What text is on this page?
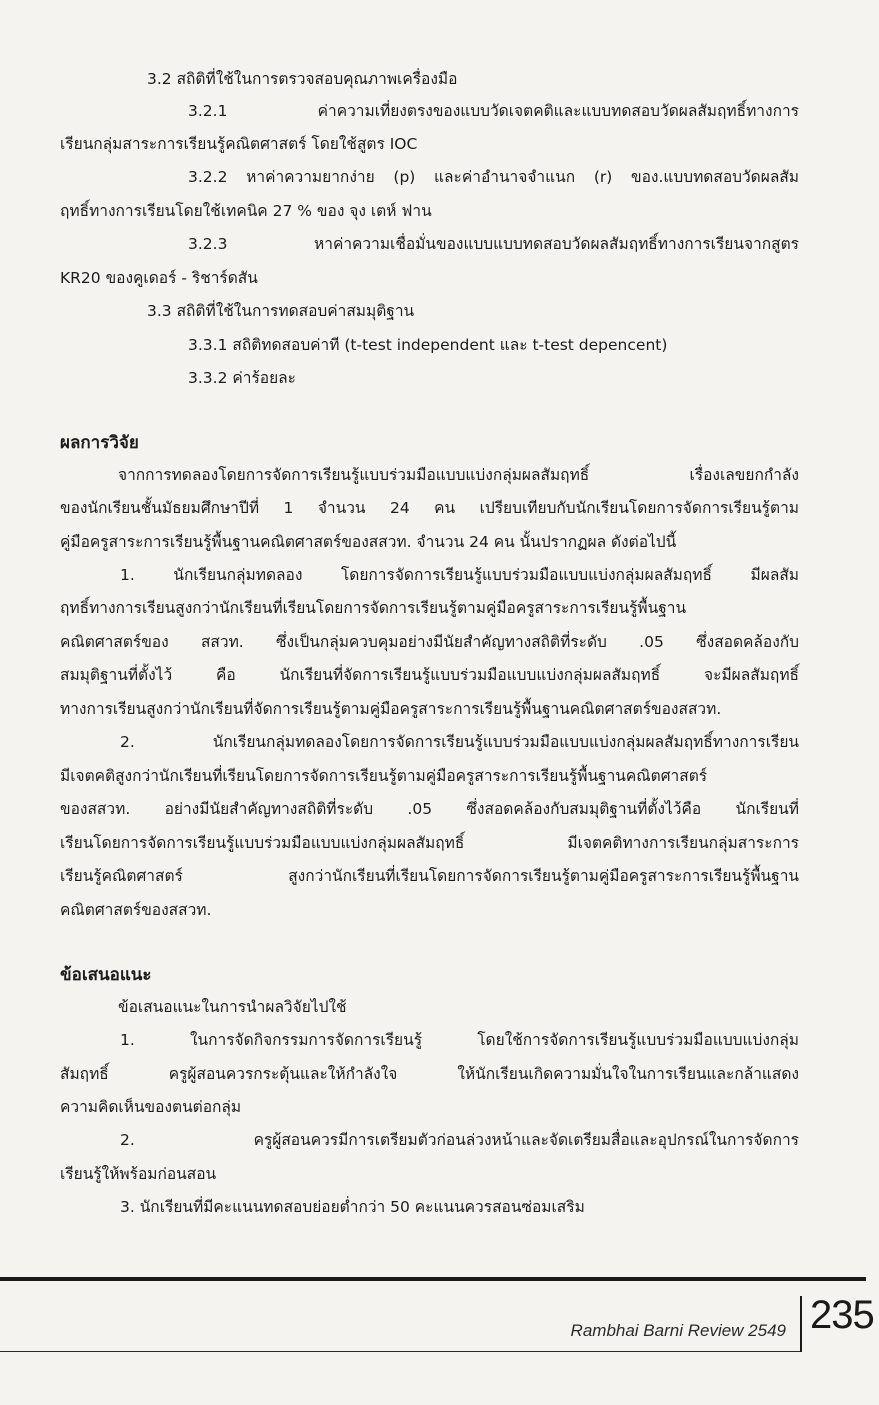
3.2 สถิติที่ใช้ในการตรวจสอบคุณภาพเครื่องมือ
3.2.1 ค่าความเที่ยงตรงของแบบวัดเจตคติและแบบทดสอบวัดผลสัมฤทธิ์ทางการ
เรียนกลุ่มสาระการเรียนรู้คณิตศาสตร์ โดยใช้สูตร IOC
3.2.2 หาค่าความยากง่าย (p) และค่าอำนาจจำแนก (r) ของ.แบบทดสอบวัดผลสัม
ฤทธิ์ทางการเรียนโดยใช้เทคนิค 27 % ของ จุง เตห์ ฟาน
3.2.3 หาค่าความเชื่อมั่นของแบบแบบทดสอบวัดผลสัมฤทธิ์ทางการเรียนจากสูตร
KR20 ของคูเดอร์ - ริชาร์ดสัน
3.3 สถิติที่ใช้ในการทดสอบค่าสมมุติฐาน
3.3.1 สถิติทดสอบค่าที (t-test independent และ t-test depencent)
3.3.2 ค่าร้อยละ
ผลการวิจัย
จากการทดลองโดยการจัดการเรียนรู้แบบร่วมมือแบบแบ่งกลุ่มผลสัมฤทธิ์ เรื่องเลขยกกำลัง
ของนักเรียนชั้นมัธยมศึกษาปีที่ 1 จำนวน 24 คน เปรียบเทียบกับนักเรียนโดยการจัดการเรียนรู้ตาม
คู่มือครูสาระการเรียนรู้พื้นฐานคณิตศาสตร์ของสสวท. จำนวน 24 คน นั้นปรากฏผล ดังต่อไปนี้
1. นักเรียนกลุ่มทดลอง โดยการจัดการเรียนรู้แบบร่วมมือแบบแบ่งกลุ่มผลสัมฤทธิ์ มีผลสัม
ฤทธิ์ทางการเรียนสูงกว่านักเรียนที่เรียนโดยการจัดการเรียนรู้ตามคู่มือครูสาระการเรียนรู้พื้นฐาน
คณิตศาสตร์ของ สสวท. ซึ่งเป็นกลุ่มควบคุมอย่างมีนัยสำคัญทางสถิติที่ระดับ .05 ซึ่งสอดคล้องกับ
สมมุติฐานที่ตั้งไว้ คือ นักเรียนที่จัดการเรียนรู้แบบร่วมมือแบบแบ่งกลุ่มผลสัมฤทธิ์ จะมีผลสัมฤทธิ์
ทางการเรียนสูงกว่านักเรียนที่จัดการเรียนรู้ตามคู่มือครูสาระการเรียนรู้พื้นฐานคณิตศาสตร์ของสสวท.
2. นักเรียนกลุ่มทดลองโดยการจัดการเรียนรู้แบบร่วมมือแบบแบ่งกลุ่มผลสัมฤทธิ์ทางการเรียน
มีเจตคติสูงกว่านักเรียนที่เรียนโดยการจัดการเรียนรู้ตามคู่มือครูสาระการเรียนรู้พื้นฐานคณิตศาสตร์
ของสสวท. อย่างมีนัยสำคัญทางสถิติที่ระดับ .05 ซึ่งสอดคล้องกับสมมุติฐานที่ตั้งไว้คือ นักเรียนที่
เรียนโดยการจัดการเรียนรู้แบบร่วมมือแบบแบ่งกลุ่มผลสัมฤทธิ์ มีเจตคติทางการเรียนกลุ่มสาระการ
เรียนรู้คณิตศาสตร์ สูงกว่านักเรียนที่เรียนโดยการจัดการเรียนรู้ตามคู่มือครูสาระการเรียนรู้พื้นฐาน
คณิตศาสตร์ของสสวท.
ข้อเสนอแนะ
ข้อเสนอแนะในการนำผลวิจัยไปใช้
1. ในการจัดกิจกรรมการจัดการเรียนรู้ โดยใช้การจัดการเรียนรู้แบบร่วมมือแบบแบ่งกลุ่ม
สัมฤทธิ์ ครูผู้สอนควรกระตุ้นและให้กำลังใจ ให้นักเรียนเกิดความมั่นใจในการเรียนและกล้าแสดง
ความคิดเห็นของตนต่อกลุ่ม
2. ครูผู้สอนควรมีการเตรียมตัวก่อนล่วงหน้าและจัดเตรียมสื่อและอุปกรณ์ในการจัดการ
เรียนรู้ให้พร้อมก่อนสอน
3. นักเรียนที่มีคะแนนทดสอบย่อยต่ำกว่า 50 คะแนนควรสอนซ่อมเสริม
Rambhai Barni Review 2549 235
